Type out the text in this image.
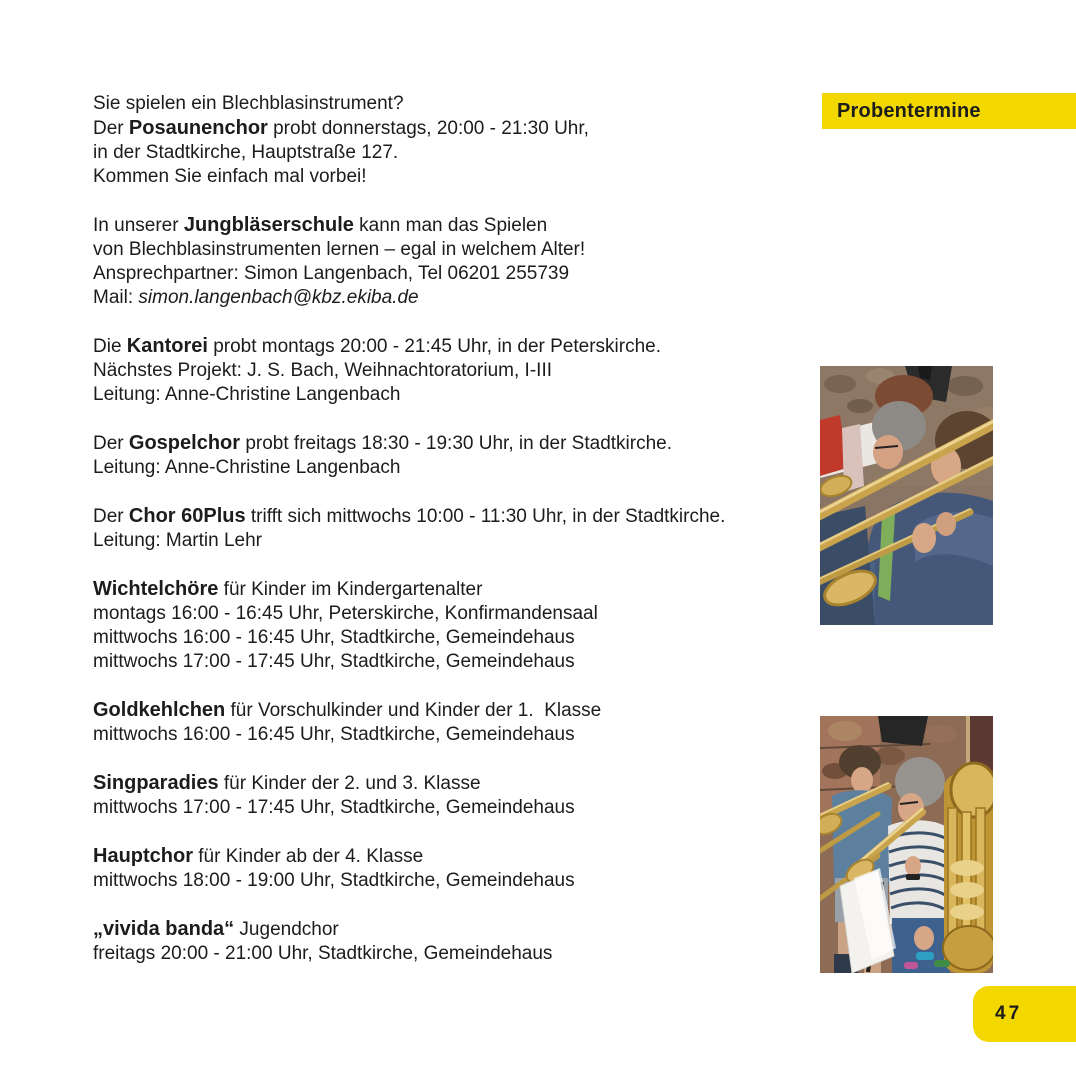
Sie spielen ein Blechblasinstrument?
Der Posaunenchor probt donnerstags, 20:00 - 21:30 Uhr,
in der Stadtkirche, Hauptstraße 127.
Kommen Sie einfach mal vorbei!
In unserer Jungbläserschule kann man das Spielen
von Blechblasinstrumenten lernen – egal in welchem Alter!
Ansprechpartner: Simon Langenbach, Tel 06201 255739
Mail: simon.langenbach@kbz.ekiba.de
Die Kantorei probt montags 20:00 - 21:45 Uhr, in der Peterskirche.
Nächstes Projekt: J. S. Bach, Weihnachtoratorium, I-III
Leitung: Anne-Christine Langenbach
Der Gospelchor probt freitags 18:30 - 19:30 Uhr, in der Stadtkirche.
Leitung: Anne-Christine Langenbach
Der Chor 60Plus trifft sich mittwochs 10:00 - 11:30 Uhr, in der Stadtkirche.
Leitung: Martin Lehr
Wichtelchöre für Kinder im Kindergartenalter
montags 16:00 - 16:45 Uhr, Peterskirche, Konfirmandensaal
mittwochs 16:00 - 16:45 Uhr, Stadtkirche, Gemeindehaus
mittwochs 17:00 - 17:45 Uhr, Stadtkirche, Gemeindehaus
Goldkehlchen für Vorschulkinder und Kinder der 1.  Klasse
mittwochs 16:00 - 16:45 Uhr, Stadtkirche, Gemeindehaus
Singparadies für Kinder der 2. und 3. Klasse
mittwochs 17:00 - 17:45 Uhr, Stadtkirche, Gemeindehaus
Hauptchor für Kinder ab der 4. Klasse
mittwochs 18:00 - 19:00 Uhr, Stadtkirche, Gemeindehaus
„vivida banda“ Jugendchor
freitags 20:00 - 21:00 Uhr, Stadtkirche, Gemeindehaus
Probentermine
47
